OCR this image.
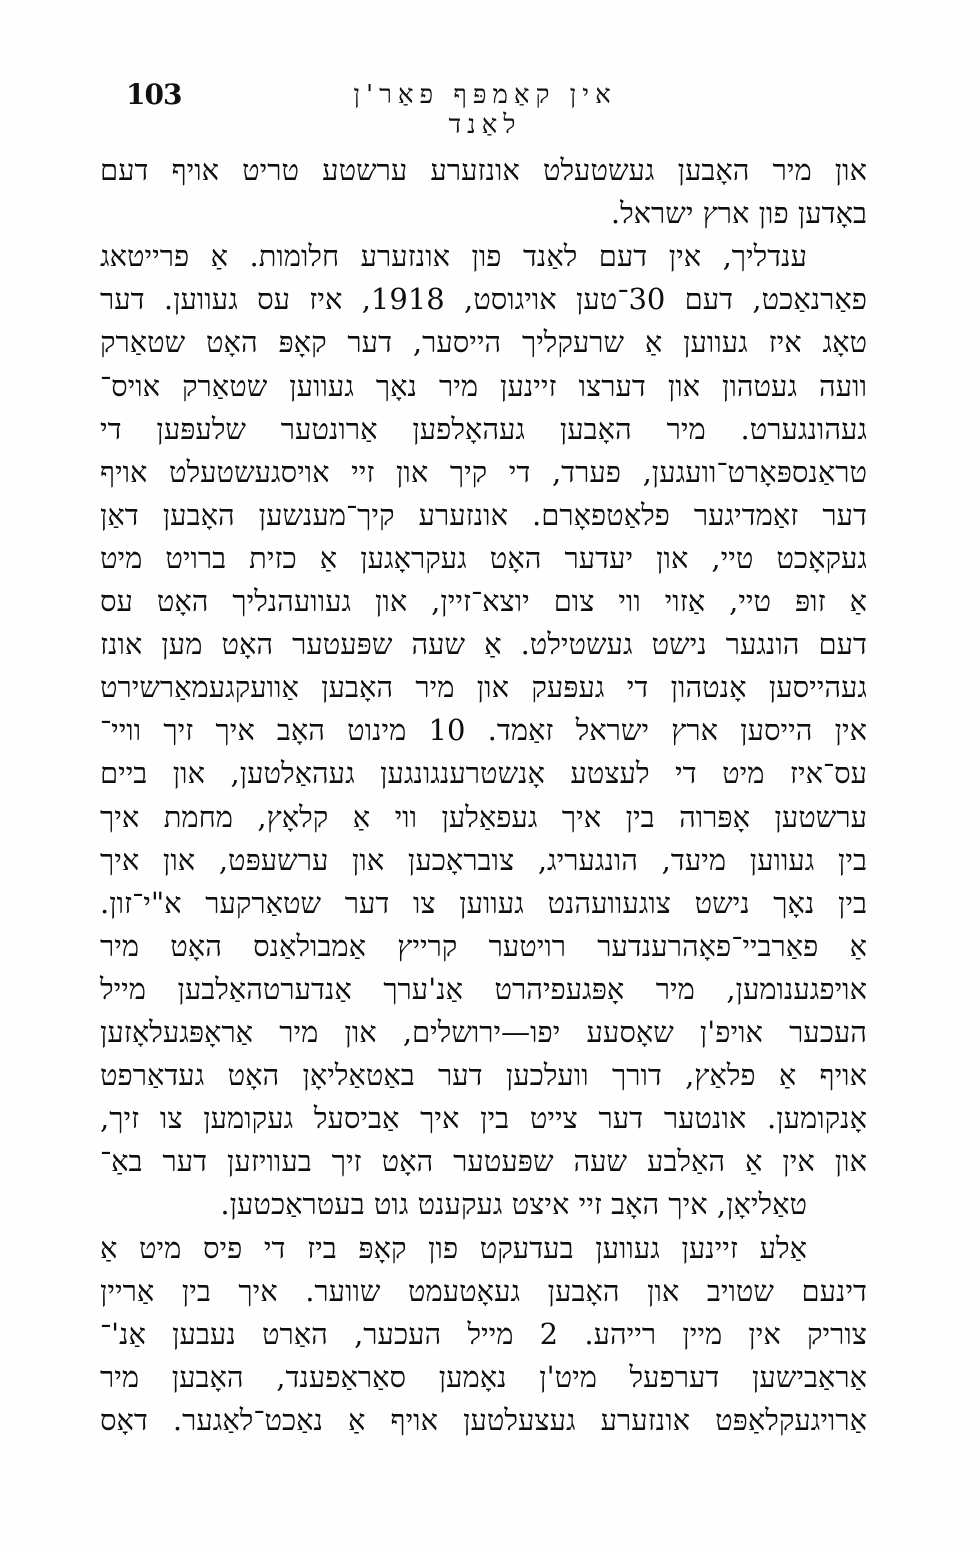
103	אין קאַמפּף פאַר'ן לאַנד
און מיר האָבען געשטעלט אונזערע ערשטע טריט אויף דעם
באָדען פון ארץ ישראל.
ענדליך, אין דעם לאַנד פון אונזערע חלומות. אַ פרייטאג
פאַרנאַכט, דעם 30־טען אויגוסט, 1918, איז עס געווען. דער
טאָג איז געווען אַ שרעקליך הייסער, דער קאָפּ האָט שטאַרק
וועה געטהון און דערצו זיינען מיר נאָך געווען שטאַרק אויס־
געהונגערט. מיר האָבען געהאָלפען אַרונטער שלעפּען די
טראַנספּאָרט־וועגען, פערד, די קיך און זיי אויסגעשטעלט אויף
דער זאַמדיגער פלאַטפאָרם. אונזערע קיך־מענשען האָבען דאַן
געקאָכט טיי, און יעדער האָט געקראָגען אַ כזית ברויט מיט
אַ זופּ טיי, אַזוי ווי צום יוצא־זיין, און געוועהנליך האָט עס
דעם הונגער נישט געשטילט. אַ שעה שפּעטער האָט מען אונז
געהייסען אָנטהון די געפּעק און מיר האָבען אַוועקגעמאַרשירט
אין הייסען ארץ ישראל זאַמד. 10 מינוט האָב איך זיך וויי־
עס־איז מיט די לעצטע אָנשטרענגונגען געהאַלטען, און ביים
ערשטען אָפּרוה בין איך געפאַלען ווי אַ קלאָץ, מחמת איך
בין געווען מיעד, הונגעריג, צובראָכען און ערשעפּט, און איך
בין נאָך נישט צוגעוועהנט געווען צו דער שטאַרקער א"י־זון.
אַ פאַרביי־פאָהרענדער רויטער קרייץ אַמבולאַנס האָט מיר
אויפגענומען, מיר אָפּגעפיהרט אַנ'ערך אַנדערטהאַלבען מייל
העכער אויפ'ן שאָסעע יפו—ירושלים, און מיר אַראָפּגעלאָזען
אויף אַ פלאַץ, דורך וועלכען דער באַטאַליאָן האָט געדאַרפט
אָנקומען. אונטער דער צייט בין איך אַביסעל געקומען צו זיך,
און אין אַ האַלבע שעה שפּעטער האָט זיך בעוויזען דער באַ־
טאַליאָן, איך האָב זיי איצט געקענט גוט בעטראַכטען.
אַלע זיינען געווען בעדעקט פון קאָפּ ביז די פיס מיט אַ
דינעם שטויב און האָבען געאָטעמט שווער. איך בין אַריין
צוריק אין מיין רייהע. 2 מייל העכער, האַרט נעבען אַנ'־
אַראַבישען דערפעל מיט'ן נאָמען סאַראַפענד, האָבען מיר
אַרויגעקלאַפּט אונזערע געצעלטען אויף אַ נאַכט־לאַגער. דאָס
